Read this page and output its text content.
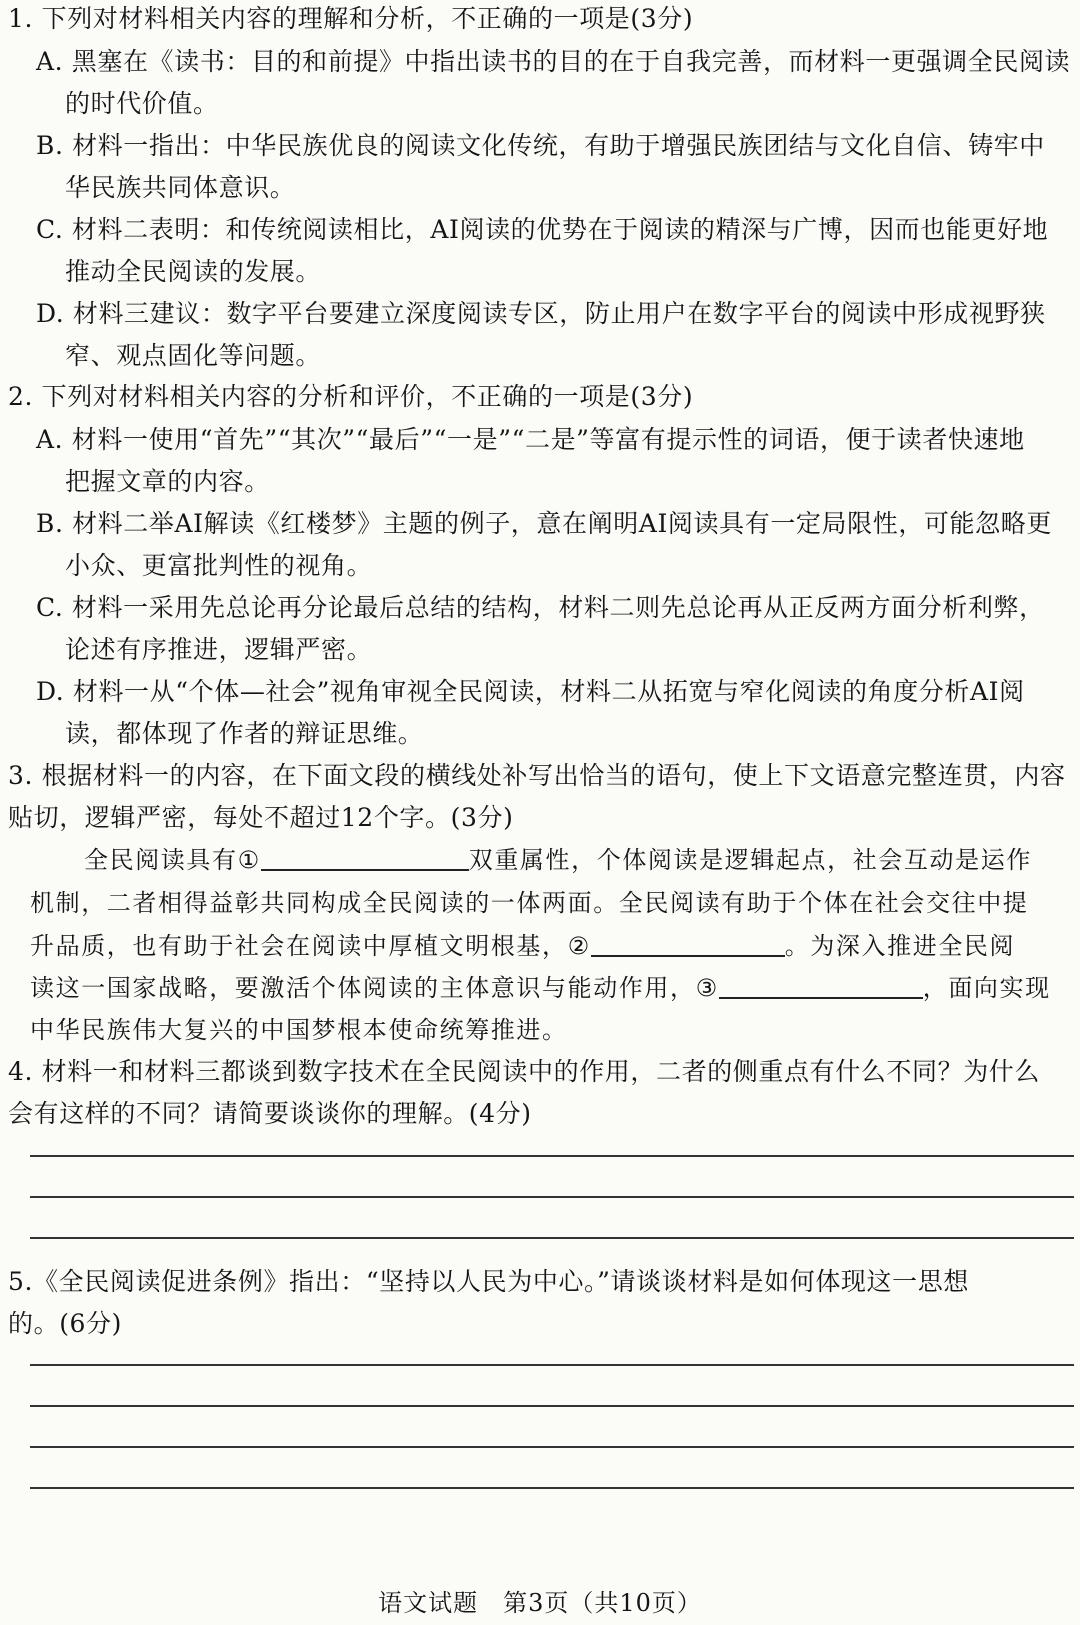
1. 下列对材料相关内容的理解和分析，不正确的一项是(3分)
A. 黑塞在《读书：目的和前提》中指出读书的目的在于自我完善，而材料一更强调全民阅读
的时代价值。
B. 材料一指出：中华民族优良的阅读文化传统，有助于增强民族团结与文化自信、铸牢中
华民族共同体意识。
C. 材料二表明：和传统阅读相比，AI阅读的优势在于阅读的精深与广博，因而也能更好地
推动全民阅读的发展。
D. 材料三建议：数字平台要建立深度阅读专区，防止用户在数字平台的阅读中形成视野狭
窄、观点固化等问题。
2. 下列对材料相关内容的分析和评价，不正确的一项是(3分)
A. 材料一使用“首先”“其次”“最后”“一是”“二是”等富有提示性的词语，便于读者快速地
把握文章的内容。
B. 材料二举AI解读《红楼梦》主题的例子，意在阐明AI阅读具有一定局限性，可能忽略更
小众、更富批判性的视角。
C. 材料一采用先总论再分论最后总结的结构，材料二则先总论再从正反两方面分析利弊，
论述有序推进，逻辑严密。
D. 材料一从“个体—社会”视角审视全民阅读，材料二从拓宽与窄化阅读的角度分析AI阅
读，都体现了作者的辩证思维。
3. 根据材料一的内容，在下面文段的横线处补写出恰当的语句，使上下文语意完整连贯，内容
贴切，逻辑严密，每处不超过12个字。(3分)
全民阅读具有①	双重属性，个体阅读是逻辑起点，社会互动是运作
机制，二者相得益彰共同构成全民阅读的一体两面。全民阅读有助于个体在社会交往中提
升品质，也有助于社会在阅读中厚植文明根基，②	。为深入推进全民阅
读这一国家战略，要激活个体阅读的主体意识与能动作用，③	，面向实现
中华民族伟大复兴的中国梦根本使命统筹推进。
4. 材料一和材料三都谈到数字技术在全民阅读中的作用，二者的侧重点有什么不同？为什么
会有这样的不同？请简要谈谈你的理解。(4分)
5.《全民阅读促进条例》指出：“坚持以人民为中心。”请谈谈材料是如何体现这一思想
的。(6分)
语文试题　第3页（共10页）
